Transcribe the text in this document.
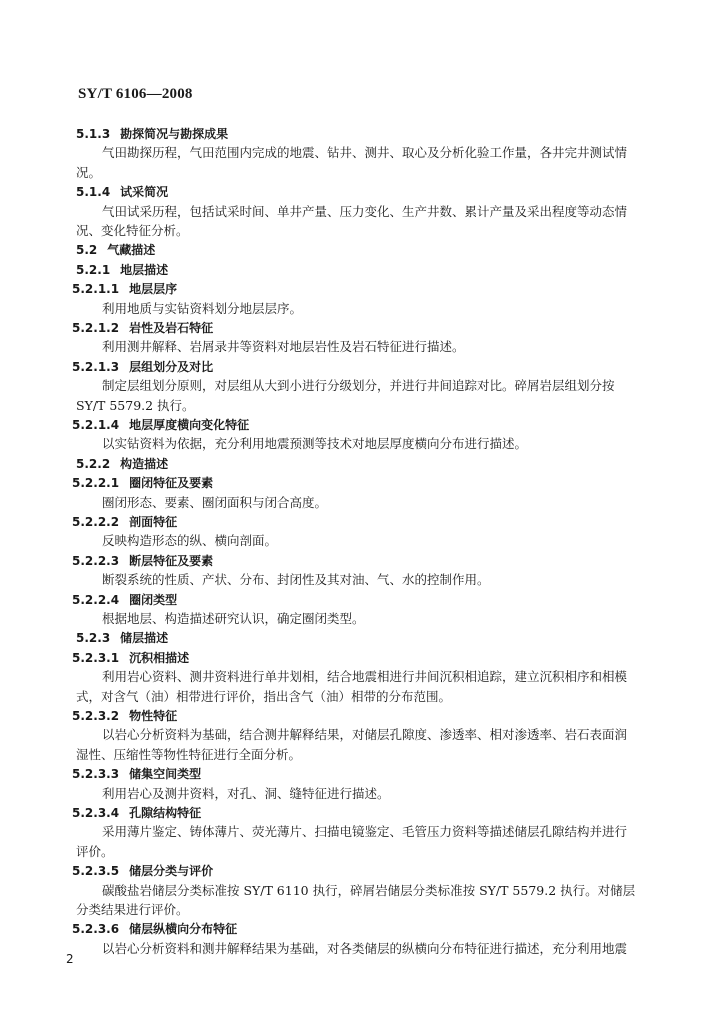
SY/T 6106—2008
5.1.3 勘探简况与勘探成果
气田勘探历程，气田范围内完成的地震、钻井、测井、取心及分析化验工作量，各井完井测试情
况。
5.1.4 试采简况
气田试采历程，包括试采时间、单井产量、压力变化、生产井数、累计产量及采出程度等动态情
况、变化特征分析。
5.2 气藏描述
5.2.1 地层描述
5.2.1.1 地层层序
利用地质与实钻资料划分地层层序。
5.2.1.2 岩性及岩石特征
利用测井解释、岩屑录井等资料对地层岩性及岩石特征进行描述。
5.2.1.3 层组划分及对比
制定层组划分原则，对层组从大到小进行分级划分，并进行井间追踪对比。碎屑岩层组划分按
SY/T 5579.2 执行。
5.2.1.4 地层厚度横向变化特征
以实钻资料为依据，充分利用地震预测等技术对地层厚度横向分布进行描述。
5.2.2 构造描述
5.2.2.1 圈闭特征及要素
圈闭形态、要素、圈闭面积与闭合高度。
5.2.2.2 剖面特征
反映构造形态的纵、横向剖面。
5.2.2.3 断层特征及要素
断裂系统的性质、产状、分布、封闭性及其对油、气、水的控制作用。
5.2.2.4 圈闭类型
根据地层、构造描述研究认识，确定圈闭类型。
5.2.3 储层描述
5.2.3.1 沉积相描述
利用岩心资料、测井资料进行单井划相，结合地震相进行井间沉积相追踪，建立沉积相序和相模
式，对含气（油）相带进行评价，指出含气（油）相带的分布范围。
5.2.3.2 物性特征
以岩心分析资料为基础，结合测井解释结果，对储层孔隙度、渗透率、相对渗透率、岩石表面润
湿性、压缩性等物性特征进行全面分析。
5.2.3.3 储集空间类型
利用岩心及测井资料，对孔、洞、缝特征进行描述。
5.2.3.4 孔隙结构特征
采用薄片鉴定、铸体薄片、荧光薄片、扫描电镜鉴定、毛管压力资料等描述储层孔隙结构并进行
评价。
5.2.3.5 储层分类与评价
碳酸盐岩储层分类标准按 SY/T 6110 执行，碎屑岩储层分类标准按 SY/T 5579.2 执行。对储层
分类结果进行评价。
5.2.3.6 储层纵横向分布特征
以岩心分析资料和测井解释结果为基础，对各类储层的纵横向分布特征进行描述，充分利用地震
2
